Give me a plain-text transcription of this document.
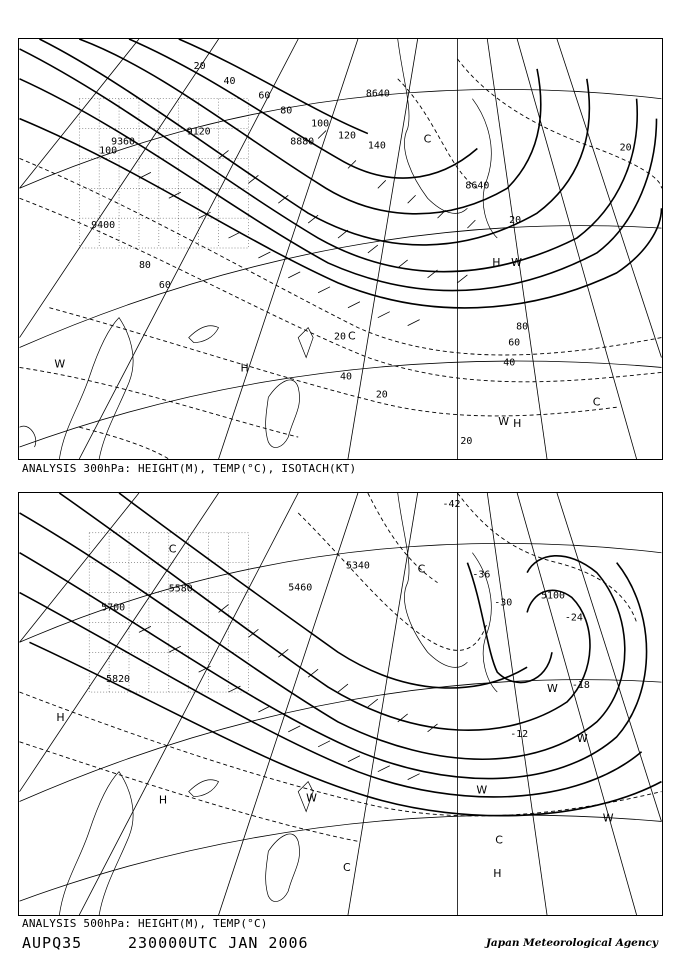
9360
9120
8880
8640
8640
9400
20
40
60
80
100
120
140
100
80
60
40
20
20
20
20
80
60
40
20
W	H
C
C
W H
C
W
H
ANALYSIS 300hPa: HEIGHT(M), TEMP(°C), ISOTACH(KT)
5700
5580	5460
5340
5820
5100
-42
-36
-30
-24
-18
-12
H
H
C
W
W
W
C
C	H
W
C
W
ANALYSIS 500hPa: HEIGHT(M), TEMP(°C)
AUPQ35	230000UTC JAN 2006	Japan Meteorological Agency
